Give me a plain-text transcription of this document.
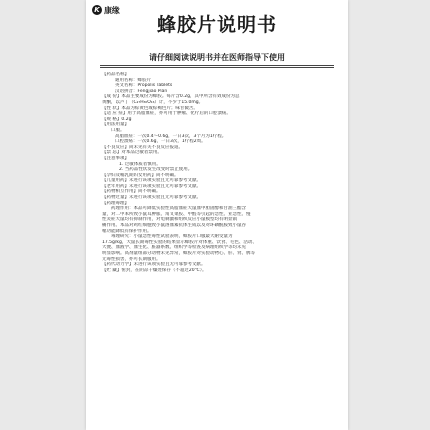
K 康缘
蜂胶片说明书
请仔细阅读说明书并在医师指导下使用
【药品名称】
通用名称：蜂胶片
英文名称：Propolis Tablets
汉语拼音：Fengjiao Pian
【成 份】本品主要成份为蜂胶。每片含0.2g，其中所含有效成份为总
黄酮，以芦丁（C₂₇H₃₀O₁₆）计，不少于15.0mg。
【性 状】本品为棕黄色或棕褐色片；味甘微苦。
【适 应 症】用于高脂血症，亦可用于肿瘤、化疗后的口腔溃疡。
【规 格】0.2g
【用法用量】
口服。
高脂血症：一次0.4～0.6g，一日3次，3个月为1疗程。
口腔溃疡：一次0.6g，一日3次，1疗程2周。
【不良反应】尚未见有关不良反应报道。
【禁 忌】对本品过敏者禁用。
【注意事项】
1. 过敏体质者慎用。
2. 当药品性状发生改变时禁止使用。
【孕妇及哺乳期妇女用药】尚不明确。
【儿童用药】未进行该项实验且无可靠参考文献。
【老年用药】未进行该项实验且无可靠参考文献。
【药物相互作用】尚不明确。
【药物过量】未进行该项实验且无可靠参考文献。
【药理毒理】
药理作用：本品可降低实验性高脂血症大鼠血中胆固醇和甘油三酯含
量，对二甲苯所致小鼠耳肿胀、角叉菜胶、甲醛等引起的急性、亚急性、慢
性炎症大鼠均有抑制作用，对电刺激和组织反应小鼠模型均有明显镇
痛作用。本品对鸡红细胞致小鼠溶血素抗体生成以及对环磷酰胺致小鼠吞
噬功能降低有保护作用。
毒理研究：小鼠急性毒性试验表明，蜂胶片口服最大耐受量为
17.5g/kg，大鼠长期毒性实验的结果显示蜂胶片对体重、饮食、毛色、活动、
大便、血液学、血生化、脏器系数、组织学等检查及病理组织学等均未见
明显影响。高剂量组部分动物未见异常，蜂胶片对实验动物心、肝、肾、脾等
无毒性损害，亦可长期服用。
【药代动力学】未进行该项实验且无可靠参考文献。
【贮 藏】密封，在阴凉干燥处保存（不超过20℃）。
